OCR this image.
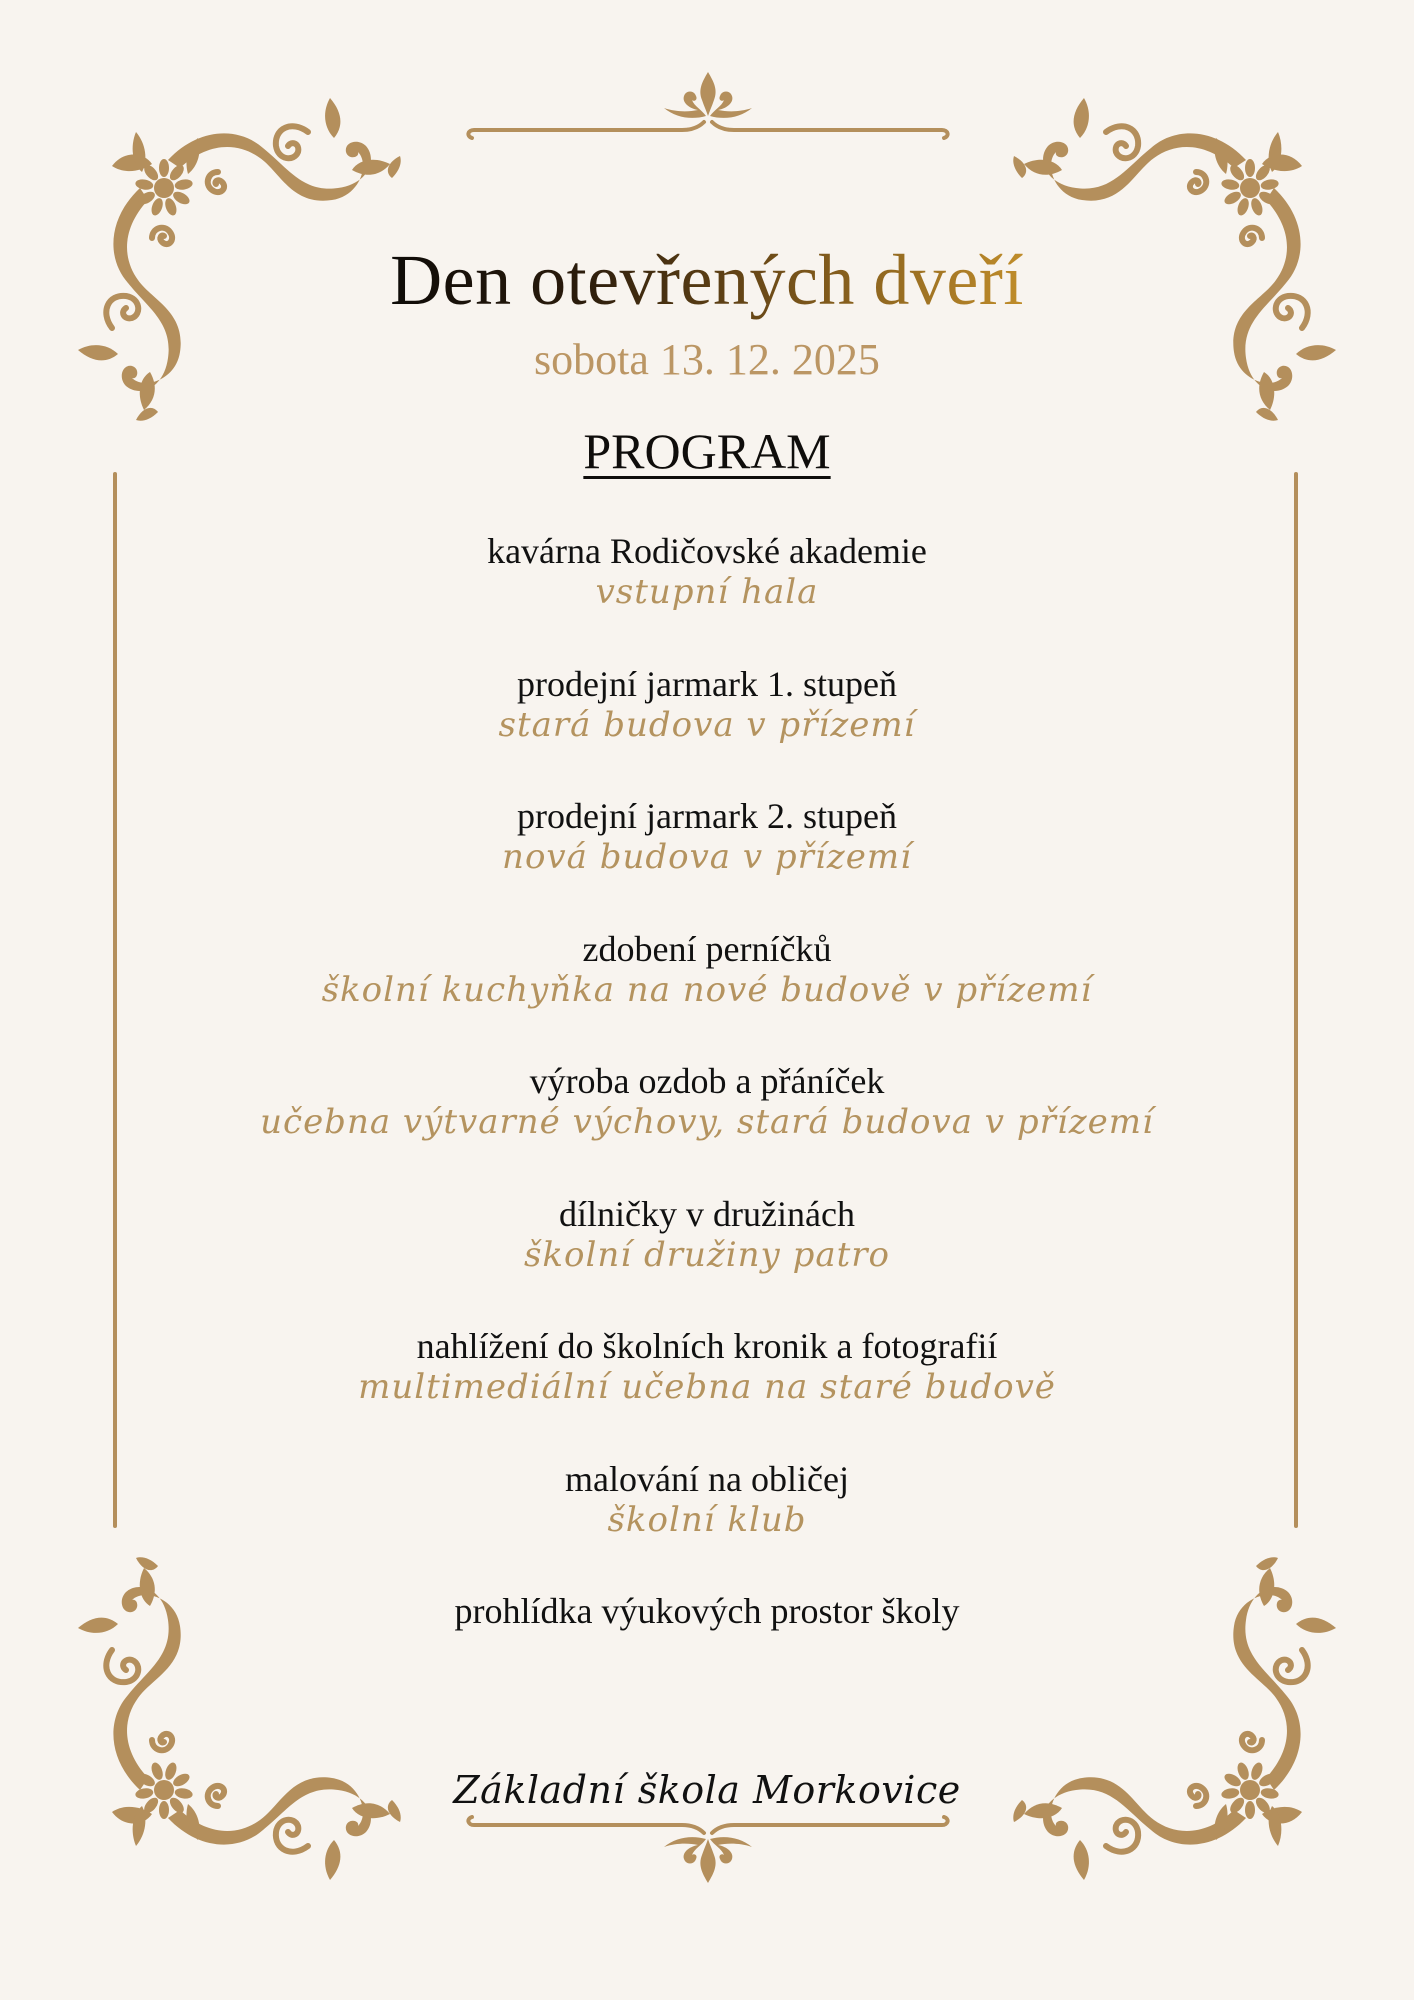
Den otevřených dveří
sobota 13. 12. 2025
PROGRAM
kavárna Rodičovské akademie
vstupní hala
prodejní jarmark 1. stupeň
stará budova v přízemí
prodejní jarmark 2. stupeň
nová budova v přízemí
zdobení perníčků
školní kuchyňka na nové budově v přízemí
výroba ozdob a přáníček
učebna výtvarné výchovy, stará budova v přízemí
dílničky v družinách
školní družiny patro
nahlížení do školních kronik a fotografií
multimediální učebna na staré budově
malování na obličej
školní klub
prohlídka výukových prostor školy
Základní škola Morkovice
